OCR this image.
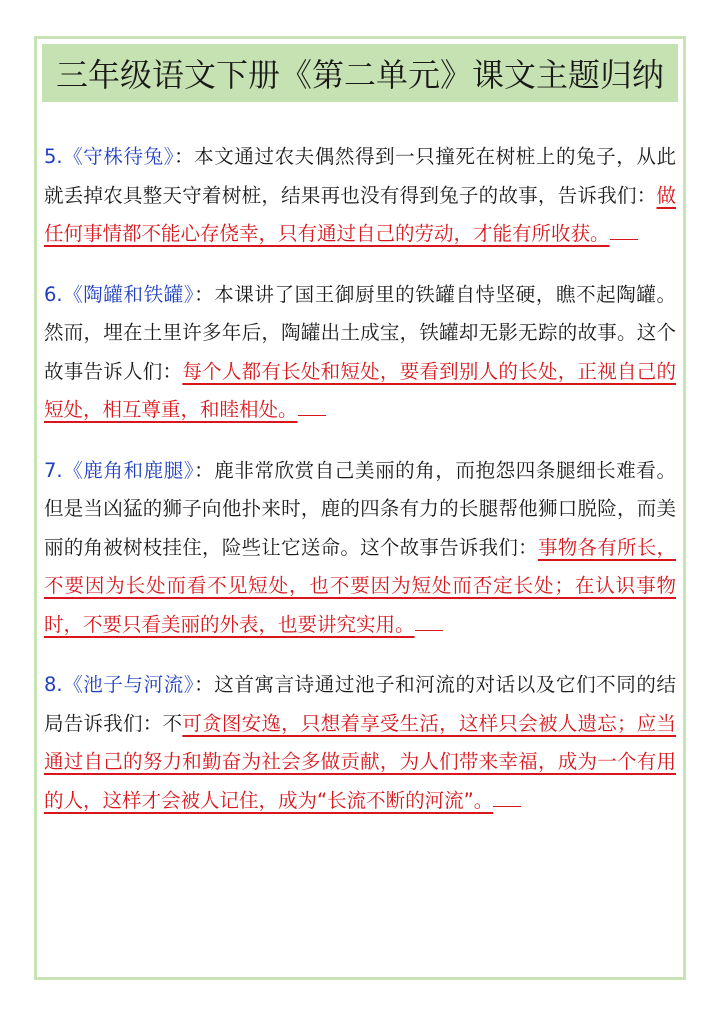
三年级语文下册《第二单元》课文主题归纳

5.《守株待兔》：本文通过农夫偶然得到一只撞死在树桩上的兔子，从此就丢掉农具整天守着树桩，结果再也没有得到兔子的故事，告诉我们：做任何事情都不能心存侥幸，只有通过自己的劳动，才能有所收获。

6.《陶罐和铁罐》：本课讲了国王御厨里的铁罐自恃坚硬，瞧不起陶罐。然而，埋在土里许多年后，陶罐出土成宝，铁罐却无影无踪的故事。这个故事告诉人们：每个人都有长处和短处，要看到别人的长处，正视自己的短处，相互尊重，和睦相处。

7.《鹿角和鹿腿》：鹿非常欣赏自己美丽的角，而抱怨四条腿细长难看。但是当凶猛的狮子向他扑来时，鹿的四条有力的长腿帮他狮口脱险，而美丽的角被树枝挂住，险些让它送命。这个故事告诉我们：事物各有所长，不要因为长处而看不见短处，也不要因为短处而否定长处；在认识事物时，不要只看美丽的外表，也要讲究实用。

8.《池子与河流》：这首寓言诗通过池子和河流的对话以及它们不同的结局告诉我们：不可贪图安逸，只想着享受生活，这样只会被人遗忘；应当通过自己的努力和勤奋为社会多做贡献，为人们带来幸福，成为一个有用的人，这样才会被人记住，成为“长流不断的河流”。
